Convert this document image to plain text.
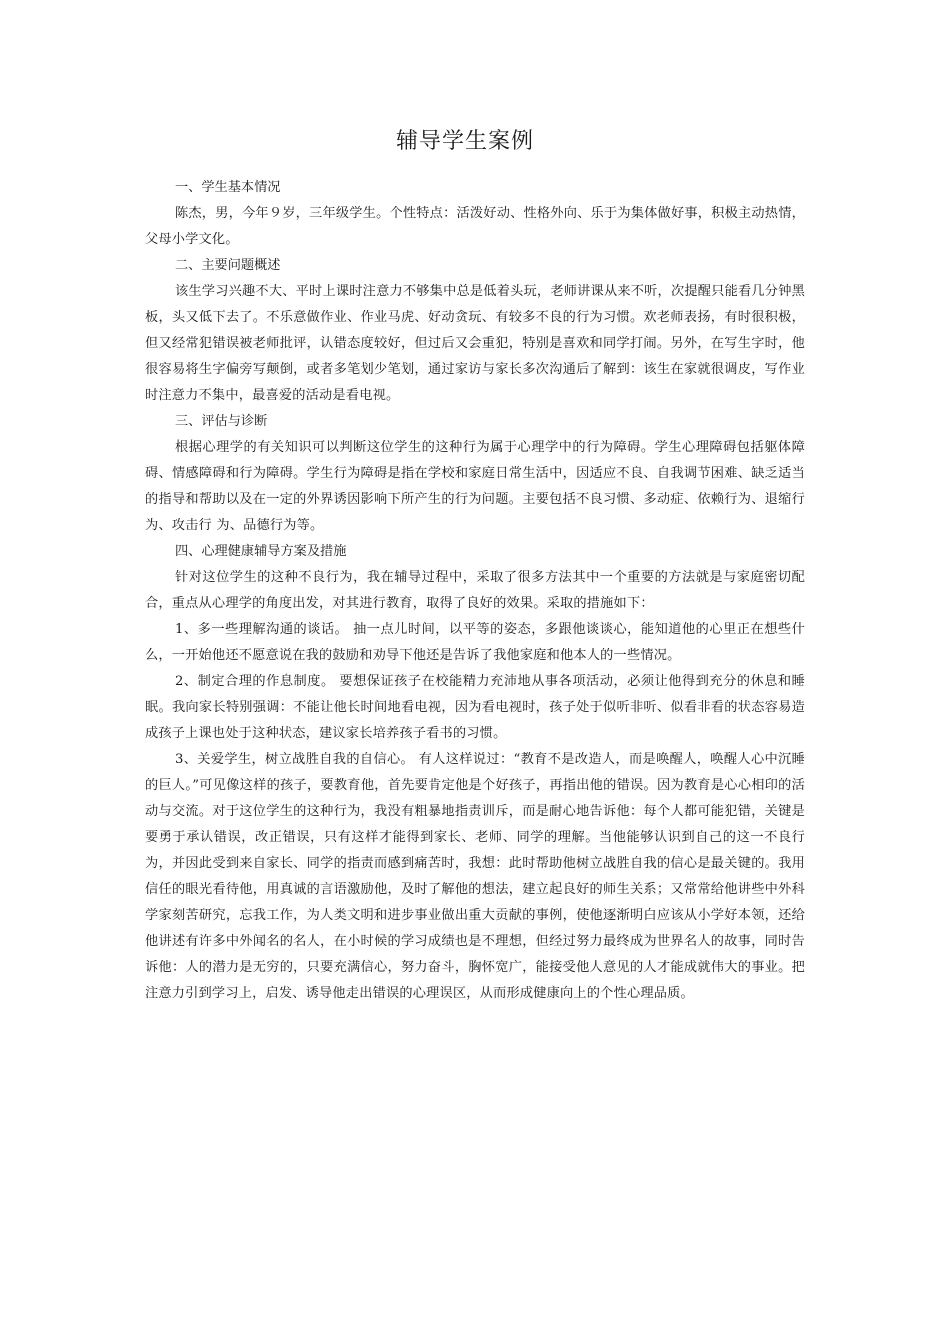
辅导学生案例

一、学生基本情况

陈杰，男，今年９岁，三年级学生。个性特点：活泼好动、性格外向、乐于为集体做好事，积极主动热情，父母小学文化。

二、主要问题概述

该生学习兴趣不大、平时上课时注意力不够集中总是低着头玩，老师讲课从来不听，次提醒只能看几分钟黑板，头又低下去了。不乐意做作业、作业马虎、好动贪玩、有较多不良的行为习惯。欢老师表扬，有时很积极，但又经常犯错误被老师批评，认错态度较好，但过后又会重犯，特别是喜欢和同学打闹。另外，在写生字时，他很容易将生字偏旁写颠倒，或者多笔划少笔划，通过家访与家长多次沟通后了解到：该生在家就很调皮，写作业时注意力不集中，最喜爱的活动是看电视。

三、评估与诊断

根据心理学的有关知识可以判断这位学生的这种行为属于心理学中的行为障碍。学生心理障碍包括躯体障碍、情感障碍和行为障碍。学生行为障碍是指在学校和家庭日常生活中，因适应不良、自我调节困难、缺乏适当的指导和帮助以及在一定的外界诱因影响下所产生的行为问题。主要包括不良习惯、多动症、依赖行为、退缩行为、攻击行 为、品德行为等。

四、心理健康辅导方案及措施

针对这位学生的这种不良行为，我在辅导过程中，采取了很多方法其中一个重要的方法就是与家庭密切配合，重点从心理学的角度出发，对其进行教育，取得了良好的效果。采取的措施如下：

1、多一些理解沟通的谈话。 抽一点儿时间，以平等的姿态，多跟他谈谈心，能知道他的心里正在想些什么，一开始他还不愿意说在我的鼓励和劝导下他还是告诉了我他家庭和他本人的一些情况。

2、制定合理的作息制度。 要想保证孩子在校能精力充沛地从事各项活动，必须让他得到充分的休息和睡眠。我向家长特别强调：不能让他长时间地看电视，因为看电视时，孩子处于似听非听、似看非看的状态容易造成孩子上课也处于这种状态，建议家长培养孩子看书的习惯。

3、关爱学生，树立战胜自我的自信心。 有人这样说过：“教育不是改造人，而是唤醒人，唤醒人心中沉睡的巨人。”可见像这样的孩子，要教育他，首先要肯定他是个好孩子，再指出他的错误。因为教育是心心相印的活动与交流。对于这位学生的这种行为，我没有粗暴地指责训斥，而是耐心地告诉他：每个人都可能犯错，关键是要勇于承认错误，改正错误，只有这样才能得到家长、老师、同学的理解。当他能够认识到自己的这一不良行为，并因此受到来自家长、同学的指责而感到痛苦时，我想：此时帮助他树立战胜自我的信心是最关键的。我用信任的眼光看待他，用真诚的言语激励他，及时了解他的想法，建立起良好的师生关系；又常常给他讲些中外科学家刻苦研究，忘我工作，为人类文明和进步事业做出重大贡献的事例，使他逐渐明白应该从小学好本领，还给他讲述有许多中外闻名的名人，在小时候的学习成绩也是不理想，但经过努力最终成为世界名人的故事，同时告诉他：人的潜力是无穷的，只要充满信心，努力奋斗，胸怀宽广，能接受他人意见的人才能成就伟大的事业。把注意力引到学习上，启发、诱导他走出错误的心理误区，从而形成健康向上的个性心理品质。
